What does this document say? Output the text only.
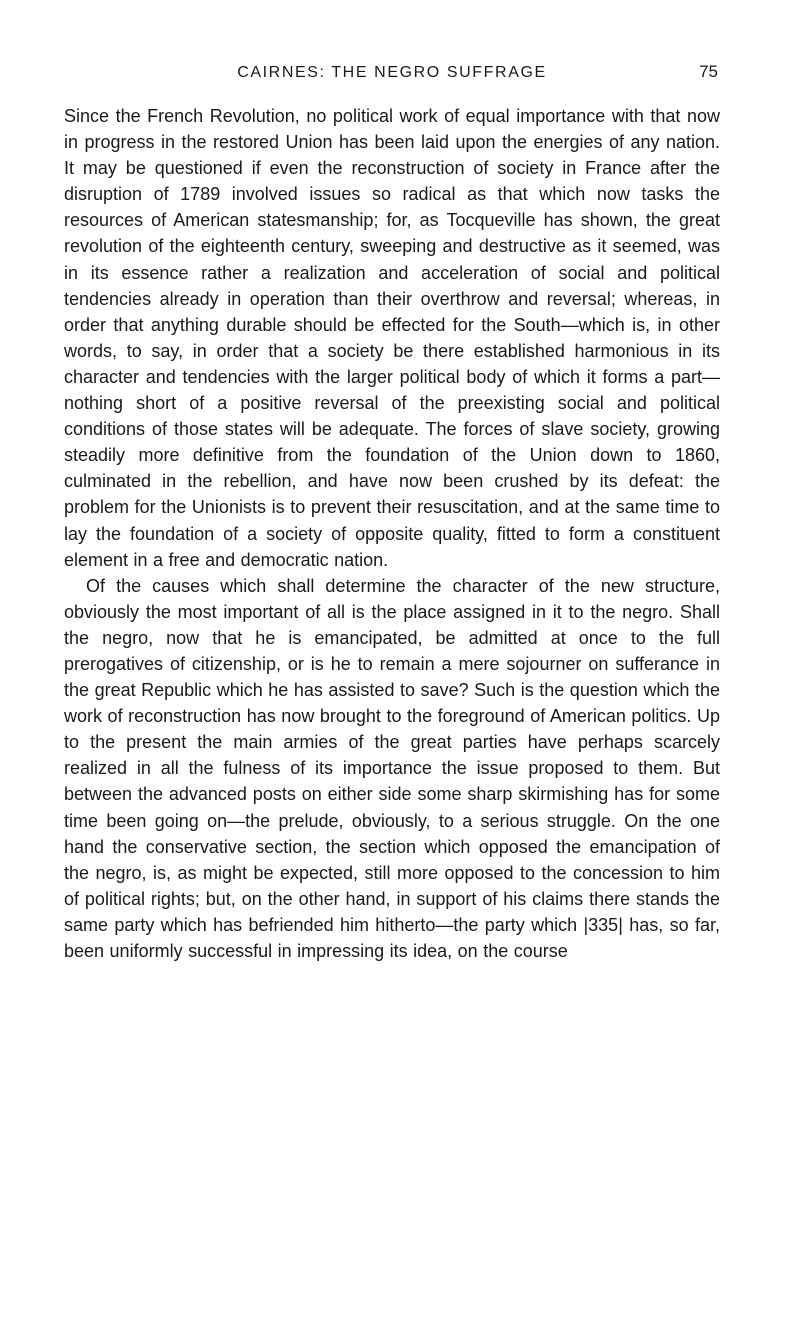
CAIRNES: THE NEGRO SUFFRAGE	75

Since the French Revolution, no political work of equal importance with that now in progress in the restored Union has been laid upon the energies of any nation. It may be questioned if even the reconstruction of society in France after the disruption of 1789 involved issues so radical as that which now tasks the resources of American statesmanship; for, as Tocqueville has shown, the great revolution of the eighteenth century, sweeping and destructive as it seemed, was in its essence rather a realization and acceleration of social and political tendencies already in operation than their overthrow and reversal; whereas, in order that anything durable should be effected for the South—which is, in other words, to say, in order that a society be there established harmonious in its character and tendencies with the larger political body of which it forms a part—nothing short of a positive reversal of the preexisting social and political conditions of those states will be adequate. The forces of slave society, growing steadily more definitive from the foundation of the Union down to 1860, culminated in the rebellion, and have now been crushed by its defeat: the problem for the Unionists is to prevent their resuscitation, and at the same time to lay the foundation of a society of opposite quality, fitted to form a constituent element in a free and democratic nation.

Of the causes which shall determine the character of the new structure, obviously the most important of all is the place assigned in it to the negro. Shall the negro, now that he is emancipated, be admitted at once to the full prerogatives of citizenship, or is he to remain a mere sojourner on sufferance in the great Republic which he has assisted to save? Such is the question which the work of reconstruction has now brought to the foreground of American politics. Up to the present the main armies of the great parties have perhaps scarcely realized in all the fulness of its importance the issue proposed to them. But between the advanced posts on either side some sharp skirmishing has for some time been going on—the prelude, obviously, to a serious struggle. On the one hand the conservative section, the section which opposed the emancipation of the negro, is, as might be expected, still more opposed to the concession to him of political rights; but, on the other hand, in support of his claims there stands the same party which has befriended him hitherto—the party which |335| has, so far, been uniformly successful in impressing its idea, on the course
